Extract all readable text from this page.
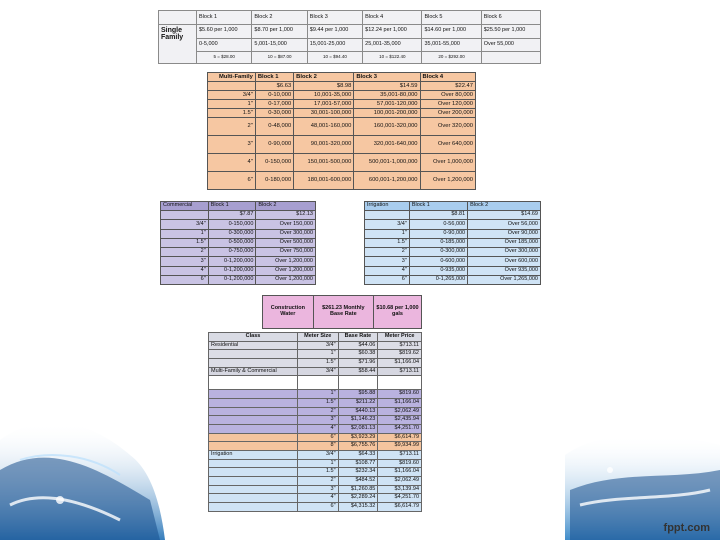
	Block 1	Block 2	Block 3	Block 4	Block 5	Block 6
Single Family	$5.60 per 1,000	$8.70 per 1,000	$9.44 per 1,000	$12.24 per 1,000	$14.60 per 1,000	$25.50 per 1,000
	0-5,000	5,001-15,000	15,001-25,000	25,001-35,000	35,001-55,000	Over 55,000
	5 = $28.00	10 = $87.00	10 = $94.40	10 = $122.40	20 = $292.00	
Multi-Family	Block 1	Block 2	Block 3	Block 4
	$6.63	$8.98	$14.59	$22.47
3/4"	0-10,000	10,001-35,000	35,001-80,000	Over 80,000
1"	0-17,000	17,001-57,000	57,001-120,000	Over 120,000
1.5"	0-30,000	30,001-100,000	100,001-200,000	Over 200,000
2"	0-48,000	48,001-160,000	160,001-320,000	Over 320,000
3"	0-90,000	90,001-320,000	320,001-640,000	Over 640,000
4"	0-150,000	150,001-500,000	500,001-1,000,000	Over 1,000,000
6"	0-180,000	180,001-600,000	600,001-1,200,000	Over 1,200,000
Commercial	Block 1	Block 2
	$7.87	$12.13
3/4"	0-150,000	Over 150,000
1"	0-300,000	Over 300,000
1.5"	0-500,000	Over 500,000
2"	0-750,000	Over 750,000
3"	0-1,200,000	Over 1,200,000
4"	0-1,200,000	Over 1,200,000
6"	0-1,200,000	Over 1,200,000
Irrigation	Block 1	Block 2
	$8.81	$14.69
3/4"	0-56,000	Over 56,000
1"	0-90,000	Over 90,000
1.5"	0-185,000	Over 185,000
2"	0-300,000	Over 300,000
3"	0-600,000	Over 600,000
4"	0-935,000	Over 935,000
6"	0-1,265,000	Over 1,265,000
Construction Water	$261.23 Monthly Base Rate	$10.68 per 1,000 gals
Class	Meter Size	Base Rate	Meter Price
Residential	3/4"	$44.06	$713.11
	1"	$60.38	$819.62
	1.5"	$71.96	$1,166.04
Multi-Family & Commercial	3/4"	$58.44	$713.11

	1"	$95.88	$819.60
	1.5"	$211.22	$1,166.04
	2"	$440.13	$2,062.49
	3"	$1,146.23	$2,435.94
	4"	$2,081.13	$4,251.70
	6"	$3,923.29	$6,614.79
	8"	$6,755.76	$9,934.99
Irrigation	3/4"	$64.33	$713.11
	1"	$108.77	$819.60
	1.5"	$232.34	$1,166.04
	2"	$484.52	$2,062.49
	3"	$1,260.85	$3,139.94
	4"	$2,289.24	$4,251.70
	6"	$4,315.32	$6,614.79
fppt.com
